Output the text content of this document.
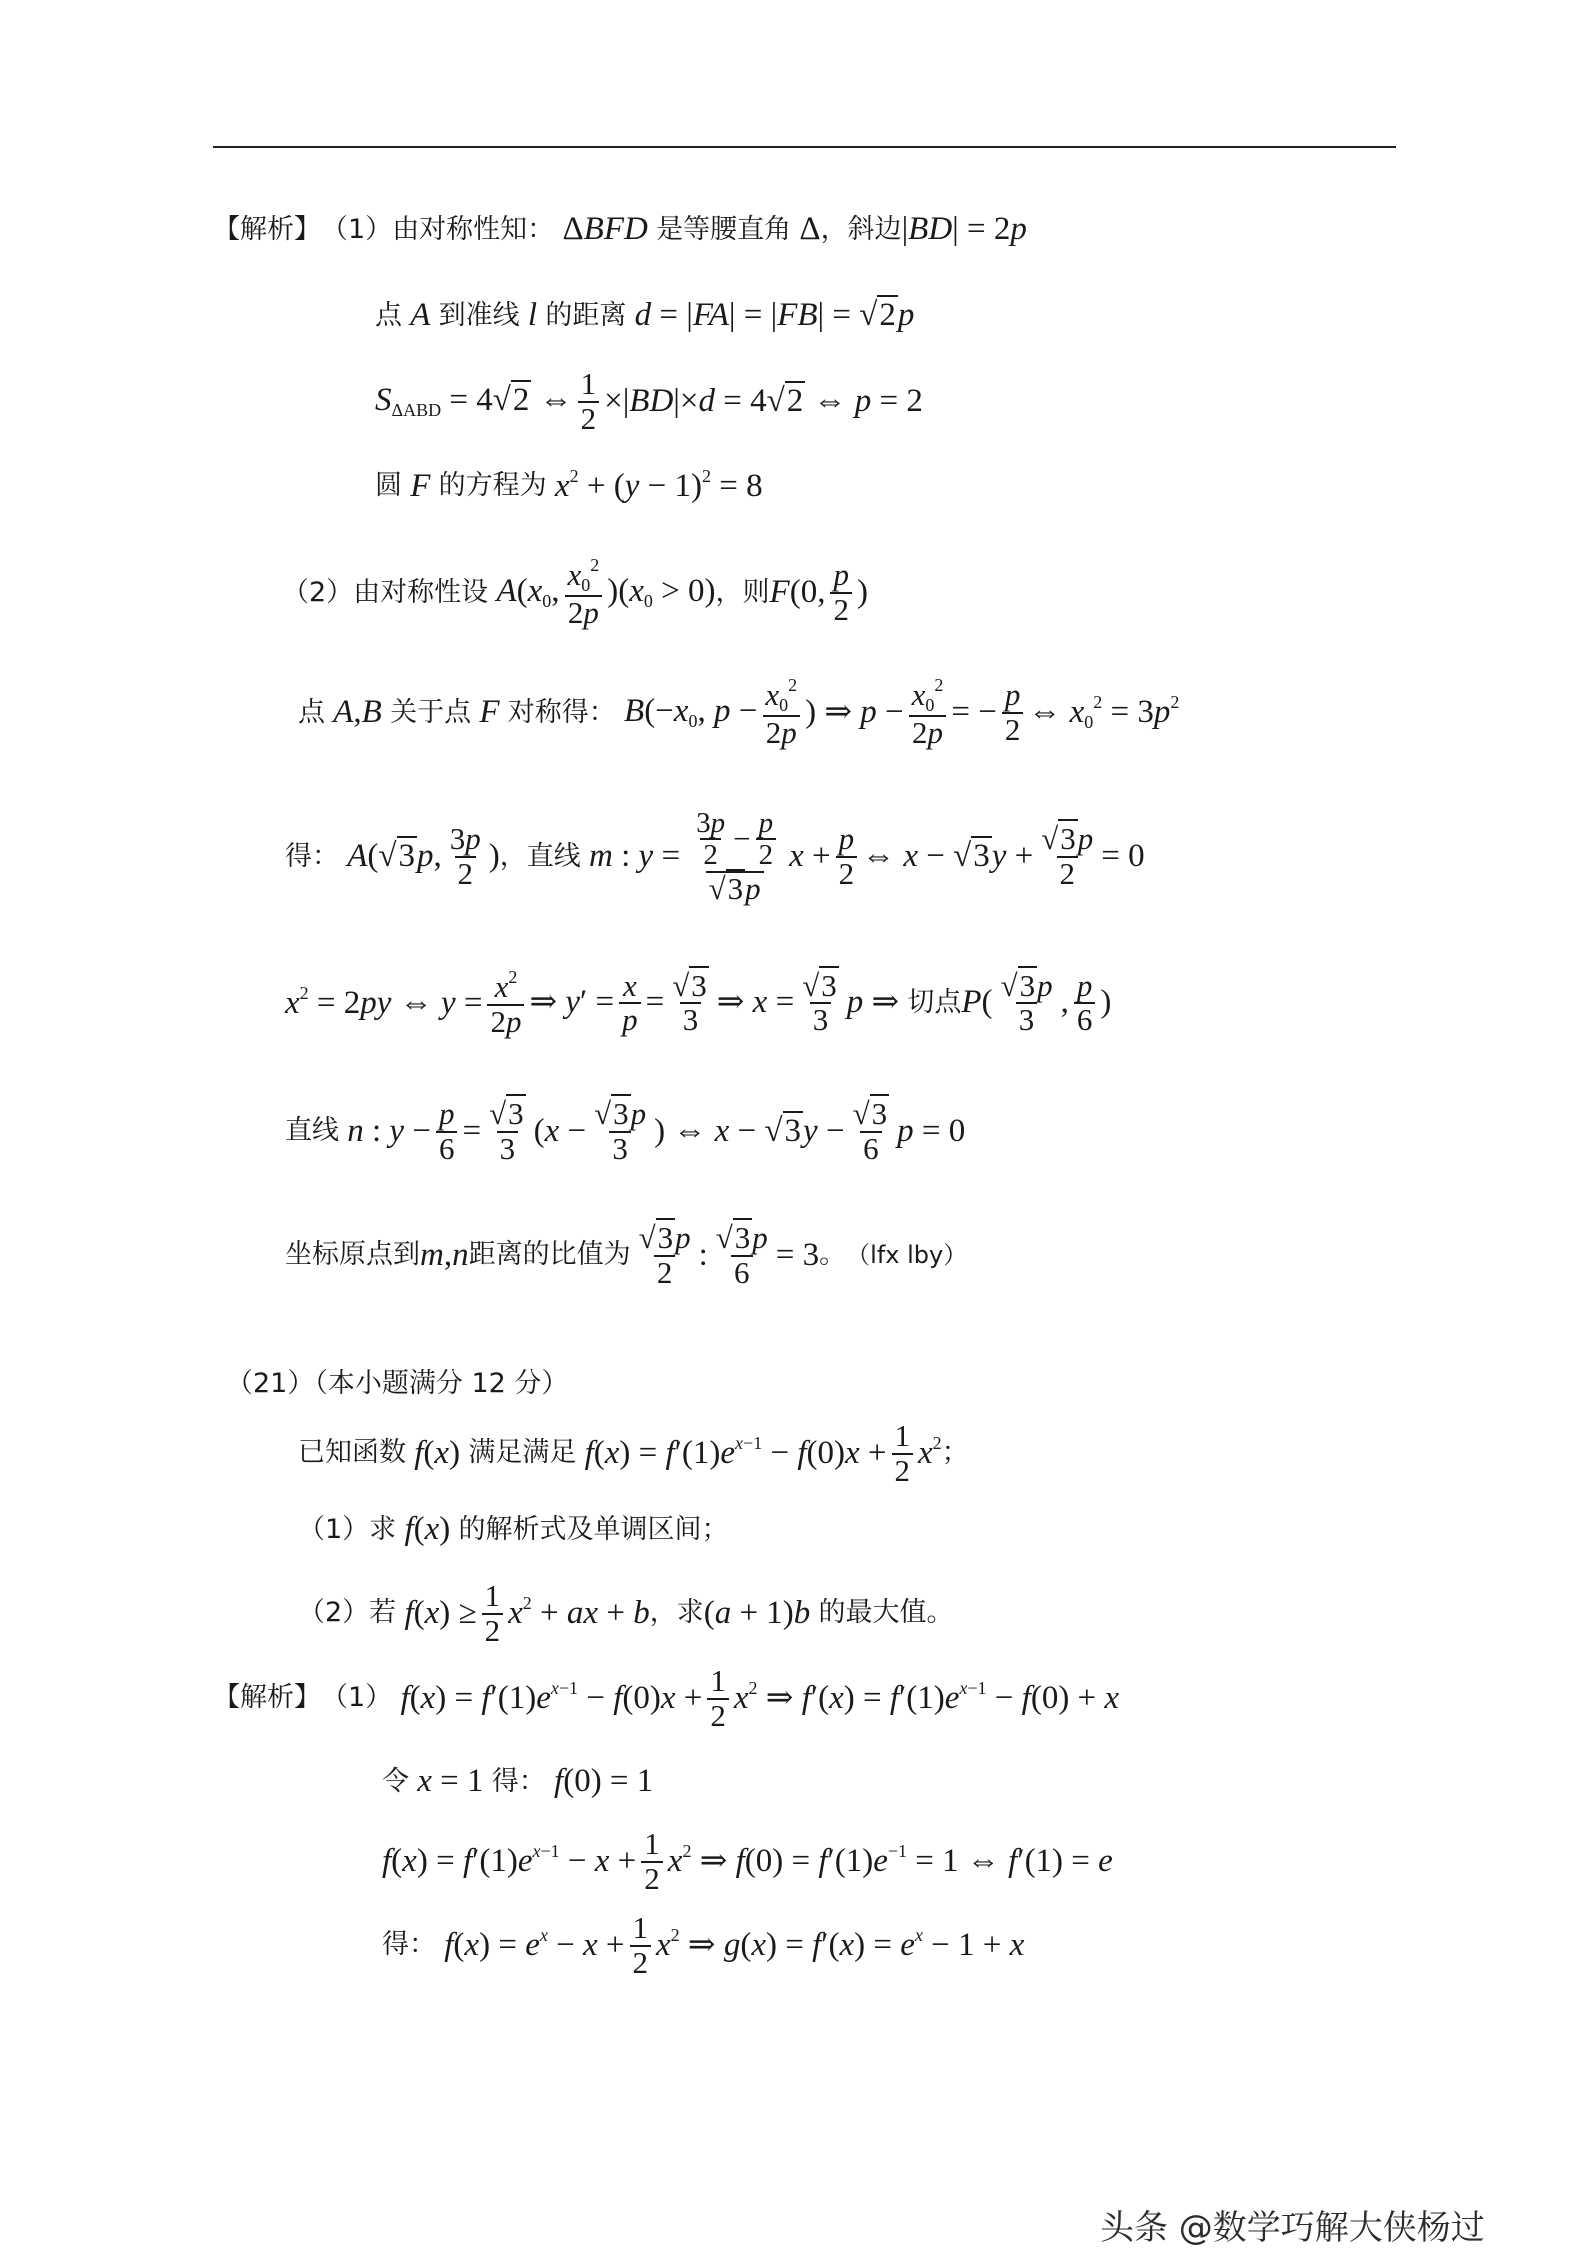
【解析】 （1） 由对称性知： ΔBFD 是等腰直角 Δ ，斜边 |BD| = 2p
点 A 到准线 l 的距离 d = |FA| = |FB| = √2p
$S_{\Delta ABD} = 4√2$ ⇔ $\frac{1}{2} \times|BD|\times d = 4√2$ ⇔ p = 2
圆 F 的方程为 $x^2 + (y - 1)^2 = 8$
（2） 由对称性设 $A(x_0$, $\frac{x_0^2}{2p} )(x_0 > 0)$ ，则 F(0, $\frac{p}{2}$ )
点 A , B 关于点 F 对称得： $B(-x_0$, $p - \frac{x_0^2}{2p}$ ) ⇒ $p - \frac{x_0^2}{2p}$ = − $\frac{p}{2}$ ⇔ $x_0^2 = 3p^2$
得： A(√3p, $\frac{3p}{2}$ ) ，直线 m : $y = \frac{\frac{3p}{2} - \frac{p}{2}}{√3p}$ $x + \frac{p}{2}$ ⇔ $x - √3y + \frac{√3p}{2} = 0$
$x^2 = 2py$ ⇔ $y = \frac{x^2}{2p}$ ⇒ $y' = \frac{x}{p} = \frac{√3}{3}$ ⇒ $x = \frac{√3}{3}$ p ⇒ 切点 P ( $\frac{√3p}{3}$ , $\frac{p}{6}$ )
直线 n : $y - \frac{p}{6} = \frac{√3}{3} (x - \frac{√3p}{3}$ ) ⇔ $x - √3y - \frac{√3}{6}$ p = 0
坐标原点到 m , n 距离的比值为 $\frac{√3p}{2}$ : $\frac{√3p}{6} = 3$ 。 （lfx lby）
（21）（本小题满分 12 分）
已知函数 f(x) 满足满足 $f(x) = f'(1)e^{x-1} - f(0)x + \frac{1}{2} x^2$ ；
（1）求 f(x) 的解析式及单调区间；
（2）若 $f(x) \ge \frac{1}{2} x^2$ + ax + b ，求 (a + 1)b 的最大值。
【解析】 （1） $f(x) = f'(1)e^{x-1} - f(0)x + \frac{1}{2} x^2$ ⇒ $f'(x) = f'(1)e^{x-1} - f(0) + x$
令 x = 1 得： f(0) = 1
$f(x) = f'(1)e^{x-1} - x + \frac{1}{2} x^2$ ⇒ $f(0) = f'(1)e^{-1} = 1$ ⇔ f′(1) = e
得： $f(x) = e^x - x + \frac{1}{2} x^2$ ⇒ $g(x) = f'(x) = e^x - 1 + x$
头条 @数学巧解大侠杨过
